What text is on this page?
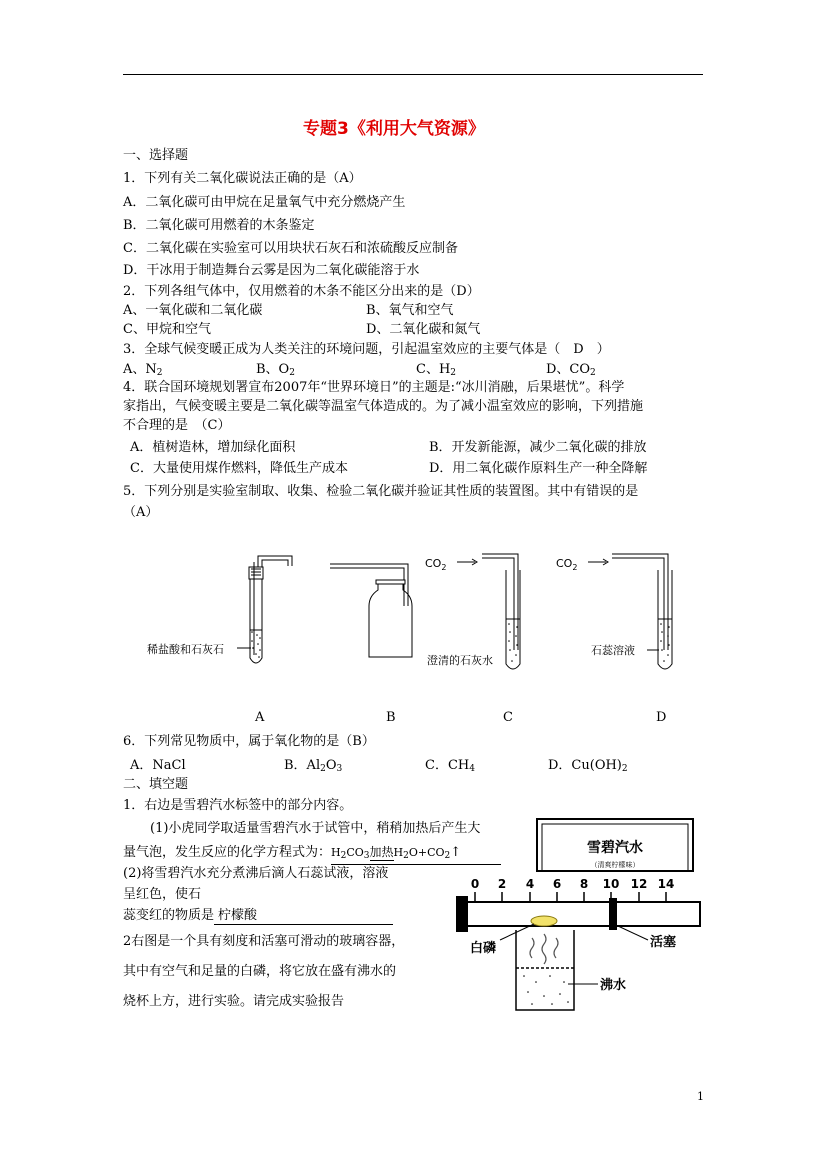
专题3《利用大气资源》
一、选择题
1．下列有关二氧化碳说法正确的是（A）
A．二氧化碳可由甲烷在足量氧气中充分燃烧产生
B．二氧化碳可用燃着的木条鉴定
C．二氧化碳在实验室可以用块状石灰石和浓硫酸反应制备
D．干冰用于制造舞台云雾是因为二氧化碳能溶于水
2．下列各组气体中，仅用燃着的木条不能区分出来的是（D）
A、一氧化碳和二氧化碳	B、氧气和空气
C、甲烷和空气	D、二氧化碳和氮气
3．全球气候变暖正成为人类关注的环境问题，引起温室效应的主要气体是（　D　）
A、$N_2$	B、$O_2$	C、$H_2$	D、$CO_2$
4．联合国环境规划署宣布2007年“世界环境日”的主题是:“冰川消融，后果堪忧”。科学
家指出，气候变暖主要是二氧化碳等温室气体造成的。为了减小温室效应的影响，下列措施
不合理的是　（C）
A．植树造林，增加绿化面积	B．开发新能源，减少二氧化碳的排放
C．大量使用煤作燃料，降低生产成本	D．用二氧化碳作原料生产一种全降解
5．下列分别是实验室制取、收集、检验二氧化碳并验证其性质的装置图。其中有错误的是
（A）
稀盐酸和石灰石
$CO_2$
澄清的石灰水
$CO_2$
石蕊溶液
A	B	C	D
6．下列常见物质中，属于氧化物的是（B）
A．NaCl	B．$Al_2O_3$	C．$CH_4$	D．$Cu(OH)_2$
二、填空题
1．右边是雪碧汽水标签中的部分内容。
(1)小虎同学取适量雪碧汽水于试管中，稍稍加热后产生大
量气泡，发生反应的化学方程式为：$H_2CO_3$加热$H_2O+CO_2↑$
(2)将雪碧汽水充分煮沸后滴人石蕊试液，溶液
呈红色，使石
蕊变红的物质是 柠檬酸
2右图是一个具有刻度和活塞可滑动的玻璃容器，
其中有空气和足量的白磷，将它放在盛有沸水的
烧杯上方，进行实验。请完成实验报告
雪碧汽水
（清爽柠檬味）
0 2 4 6 8 10 12 14
白磷	活塞
沸水
1
